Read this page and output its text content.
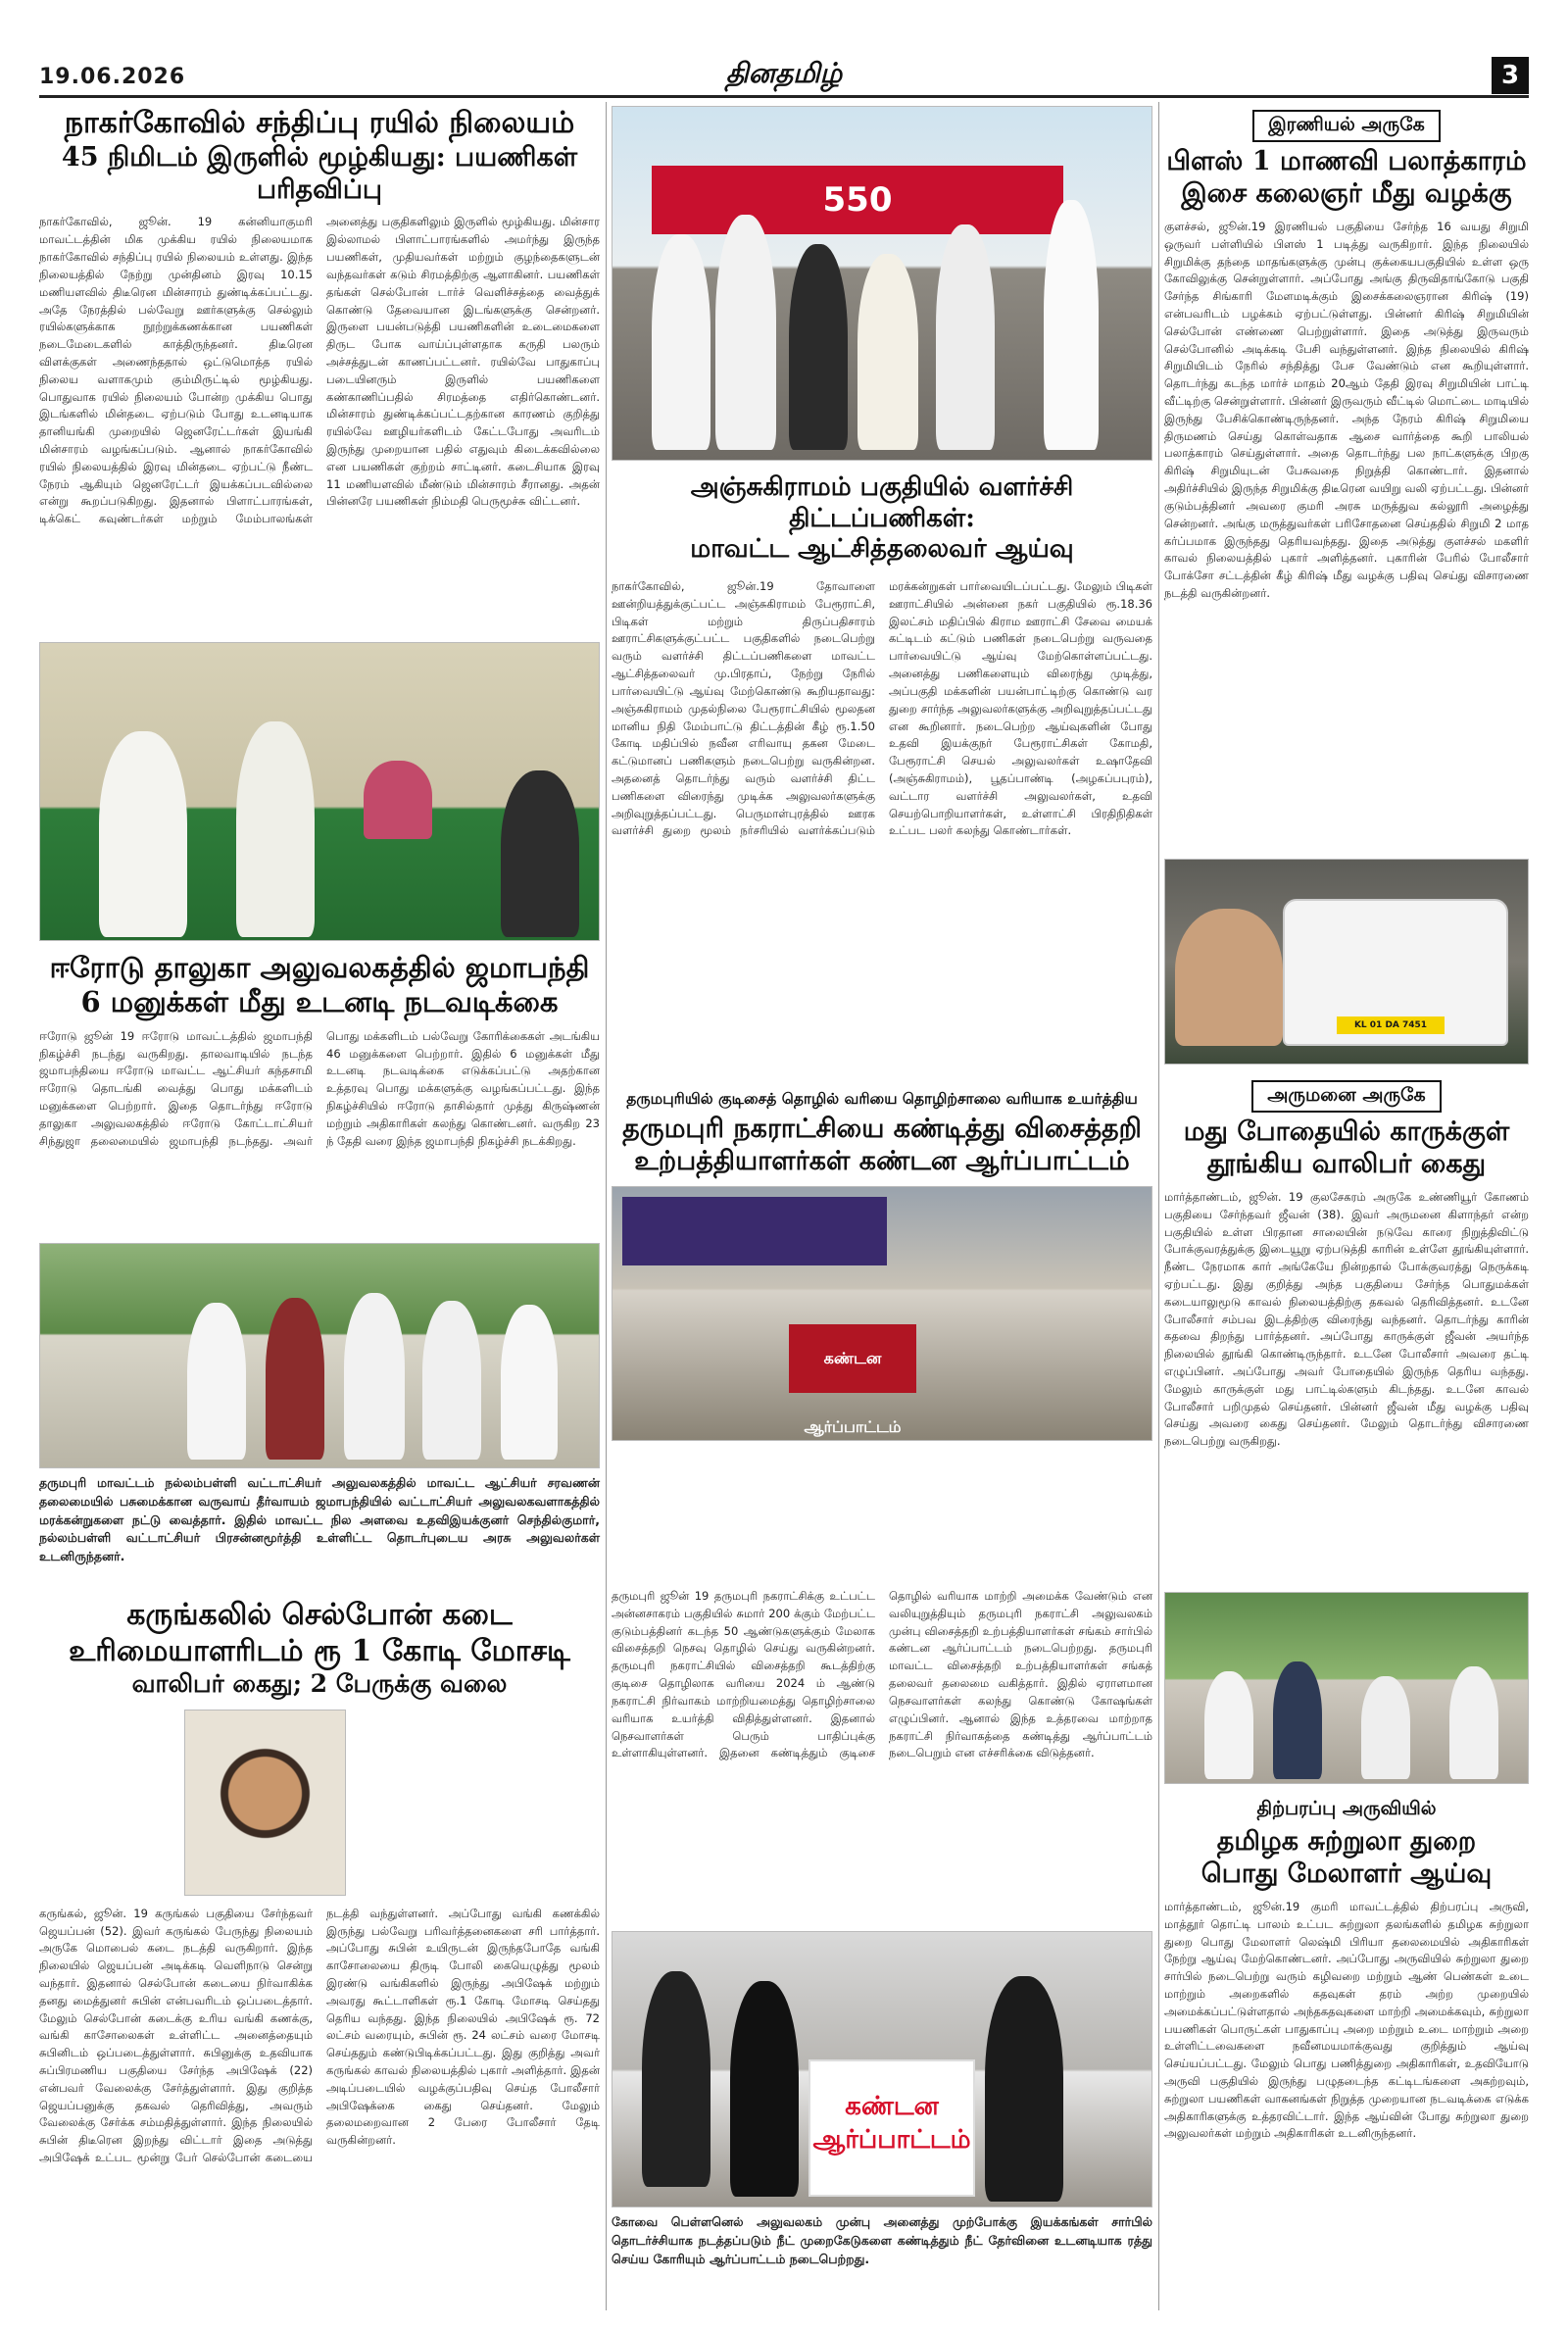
19.06.2026	தினதமிழ்	3
நாகர்கோவில் சந்திப்பு ரயில் நிலையம்
45 நிமிடம் இருளில் மூழ்கியது: பயணிகள் பரிதவிப்பு
நாகர்கோவில், ஜூன். 19 கன்னியாகுமரி மாவட்டத்தின் மிக முக்கிய ரயில் நிலையமாக நாகர்கோவில் சந்திப்பு ரயில் நிலையம் உள்ளது. இந்த நிலையத்தில் நேற்று முன்தினம் இரவு 10.15 மணியளவில் திடீரென மின்சாரம் துண்டிக்கப்பட்டது. அதே நேரத்தில் பல்வேறு ஊர்களுக்கு செல்லும் ரயில்களுக்காக நூற்றுக்கணக்கான பயணிகள் நடைமேடைகளில் காத்திருந்தனர். திடீரென விளக்குகள் அணைந்ததால் ஒட்டுமொத்த ரயில் நிலைய வளாகமும் கும்மிருட்டில் மூழ்கியது. பொதுவாக ரயில் நிலையம் போன்ற முக்கிய பொது இடங்களில் மின்தடை ஏற்படும் போது உடனடியாக தானியங்கி முறையில் ஜெனரேட்டர்கள் இயங்கி மின்சாரம் வழங்கப்படும். ஆனால் நாகர்கோவில் ரயில் நிலையத்தில் இரவு மின்தடை ஏற்பட்டு நீண்ட நேரம் ஆகியும் ஜெனரேட்டர் இயக்கப்படவில்லை என்று கூறப்படுகிறது. இதனால் பிளாட்பாரங்கள், டிக்கெட் கவுண்டர்கள் மற்றும் மேம்பாலங்கள் அனைத்து பகுதிகளிலும் இருளில் மூழ்கியது. மின்சார இல்லாமல் பிளாட்பாரங்களில் அமர்ந்து இருந்த பயணிகள், முதியவர்கள் மற்றும் குழந்தைகளுடன் வந்தவர்கள் கடும் சிரமத்திற்கு ஆளாகினர். பயணிகள் தங்கள் செல்போன் டார்ச் வெளிச்சத்தை வைத்துக் கொண்டு தேவையான இடங்களுக்கு சென்றனர். இருளை பயன்படுத்தி பயணிகளின் உடைமைகளை திருட போக வாய்ப்புள்ளதாக கருதி பலரும் அச்சத்துடன் காணப்பட்டனர். ரயில்வே பாதுகாப்பு படையினரும் இருளில் பயணிகளை கண்காணிப்பதில் சிரமத்தை எதிர்கொண்டனர். மின்சாரம் துண்டிக்கப்பட்டதற்கான காரணம் குறித்து ரயில்வே ஊழியர்களிடம் கேட்டபோது அவரிடம் இருந்து முறையான பதில் எதுவும் கிடைக்கவில்லை என பயணிகள் குற்றம் சாட்டினர். கடைசியாக இரவு 11 மணியளவில் மீண்டும் மின்சாரம் சீரானது. அதன் பின்னரே பயணிகள் நிம்மதி பெருமூச்சு விட்டனர்.
ஈரோடு தாலுகா அலுவலகத்தில் ஜமாபந்தி
6 மனுக்கள் மீது உடனடி நடவடிக்கை
ஈரோடு ஜூன் 19 ஈரோடு மாவட்டத்தில் ஜமாபந்தி நிகழ்ச்சி நடந்து வருகிறது. தாலவாடியில் நடந்த ஜமாபந்தியை ஈரோடு மாவட்ட ஆட்சியர் கந்தசாமி ஈரோடு தொடங்கி வைத்து பொது மக்களிடம் மனுக்களை பெற்றார். இதை தொடர்ந்து ஈரோடு தாலுகா அலுவலகத்தில் ஈரோடு கோட்டாட்சியர் சிந்துஜா தலைமையில் ஜமாபந்தி நடந்தது. அவர் பொது மக்களிடம் பல்வேறு கோரிக்கைகள் அடங்கிய 46 மனுக்களை பெற்றார். இதில் 6 மனுக்கள் மீது உடனடி நடவடிக்கை எடுக்கப்பட்டு அதற்கான உத்தரவு பொது மக்களுக்கு வழங்கப்பட்டது. இந்த நிகழ்ச்சியில் ஈரோடு தாசில்தார் முத்து கிருஷ்ணன் மற்றும் அதிகாரிகள் கலந்து கொண்டனர். வருகிற 23 ந் தேதி வரை இந்த ஜமாபந்தி நிகழ்ச்சி நடக்கிறது.

தருமபுரி மாவட்டம் நல்லம்பள்ளி வட்டாட்சியர் அலுவலகத்தில் மாவட்ட ஆட்சியர் சரவணன் தலைமையில் பசுமைக்கான வருவாய் தீர்வாயம் ஜமாபந்தியில் வட்டாட்சியர் அலுவலகவளாகத்தில் மரக்கன்றுகளை நட்டு வைத்தார். இதில் மாவட்ட நில அளவை உதவிஇயக்குனர் செந்தில்குமார், நல்லம்பள்ளி வட்டாட்சியர் பிரசன்னமூர்த்தி உள்ளிட்ட தொடர்புடைய அரசு அலுவலர்கள் உடனிருந்தனர்.

கருங்கலில் செல்போன் கடை
உரிமையாளரிடம் ரூ 1 கோடி மோசடி
வாலிபர் கைது; 2 பேருக்கு வலை
கருங்கல், ஜூன். 19 கருங்கல் பகுதியை சேர்ந்தவர் ஜெயப்பன் (52). இவர் கருங்கல் பேருந்து நிலையம் அருகே மொபைல் கடை நடத்தி வருகிறார். இந்த நிலையில் ஜெயப்பன் அடிக்கடி வெளிநாடு சென்று வந்தார். இதனால் செல்போன் கடையை நிர்வாகிக்க தனது மைத்துனர் சுபின் என்பவரிடம் ஒப்படைத்தார். மேலும் செல்போன் கடைக்கு உரிய வங்கி கணக்கு, வங்கி காசோலைகள் உள்ளிட்ட அனைத்தையும் சுபினிடம் ஒப்படைத்துள்ளார். சுபினுக்கு உதவியாக சுப்பிரமணிய பகுதியை சேர்ந்த அபிஷேக் (22) என்பவர் வேலைக்கு சேர்த்துள்ளார். இது குறித்த ஜெயப்பனுக்கு தகவல் தெரிவித்து, அவரும் வேலைக்கு சேர்க்க சம்மதித்துள்ளார். இந்த நிலையில் சுபின் திடீரென இறந்து விட்டார் இதை அடுத்து அபிஷேக் உட்பட மூன்று பேர் செல்போன் கடையை நடத்தி வந்துள்ளனர். அப்போது வங்கி கணக்கில் இருந்து பல்வேறு பரிவர்த்தனைகளை சரி பார்த்தார். அப்போது சுபின் உயிருடன் இருந்தபோதே வங்கி காசோலையை திருடி போலி கையெழுத்து மூலம் இரண்டு வங்கிகளில் இருந்து அபிஷேக் மற்றும் அவரது கூட்டாளிகள் ரூ.1 கோடி மோசடி செய்தது தெரிய வந்தது. இந்த நிலையில் அபிஷேக் ரூ. 72 லட்சம் வரையும், சுபின் ரூ. 24 லட்சம் வரை மோசடி செய்ததும் கண்டுபிடிக்கப்பட்டது. இது குறித்து அவர் கருங்கல் காவல் நிலையத்தில் புகார் அளித்தார். இதன் அடிப்படையில் வழக்குப்பதிவு செய்த போலீசார் அபிஷேக்கை கைது செய்தனர். மேலும் தலைமறைவான 2 பேரை போலீசார் தேடி வருகின்றனர்.
550
அஞ்சுகிராமம் பகுதியில் வளர்ச்சி திட்டப்பணிகள்:
மாவட்ட ஆட்சித்தலைவர் ஆய்வு
நாகர்கோவில், ஜூன்.19 தோவாளை ஊன்றியத்துக்குட்பட்ட அஞ்சுகிராமம் பேரூராட்சி, பிடிகள் மற்றும் திருப்பதிசாரம் ஊராட்சிகளுக்குட்பட்ட பகுதிகளில் நடைபெற்று வரும் வளர்ச்சி திட்டப்பணிகளை மாவட்ட ஆட்சித்தலைவர் மு.பிரதாப், நேற்று நேரில் பார்வையிட்டு ஆய்வு மேற்கொண்டு கூறியதாவது: அஞ்சுகிராமம் முதல்நிலை பேரூராட்சியில் மூலதன மானிய நிதி மேம்பாட்டு திட்டத்தின் கீழ் ரூ.1.50 கோடி மதிப்பில் நவீன எரிவாயு தகன மேடை கட்டுமானப் பணிகளும் நடைபெற்று வருகின்றன. அதனைத் தொடர்ந்து வரும் வளர்ச்சி திட்ட பணிகளை விரைந்து முடிக்க அலுவலர்களுக்கு அறிவுறுத்தப்பட்டது. பெருமாள்புரத்தில் ஊரக வளர்ச்சி துறை மூலம் நர்சரியில் வளர்க்கப்படும் மரக்கன்றுகள் பார்வையிடப்பட்டது. மேலும் பிடிகள் ஊராட்சியில் அன்னை நகர் பகுதியில் ரூ.18.36 இலட்சம் மதிப்பில் கிராம ஊராட்சி சேவை மையக் கட்டிடம் கட்டும் பணிகள் நடைபெற்று வருவதை பார்வையிட்டு ஆய்வு மேற்கொள்ளப்பட்டது. அனைத்து பணிகளையும் விரைந்து முடித்து, அப்பகுதி மக்களின் பயன்பாட்டிற்கு கொண்டு வர துறை சார்ந்த அலுவலர்களுக்கு அறிவுறுத்தப்பட்டது என கூறினார். நடைபெற்ற ஆய்வுகளின் போது உதவி இயக்குநர் பேரூராட்சிகள் கோமதி, பேரூராட்சி செயல் அலுவலர்கள் உஷாதேவி (அஞ்சுகிராமம்), பூதப்பாண்டி (அழகப்பபுரம்), வட்டார வளர்ச்சி அலுவலர்கள், உதவி செயற்பொறியாளர்கள், உள்ளாட்சி பிரதிநிதிகள் உட்பட பலர் கலந்து கொண்டார்கள்.
தருமபுரியில் குடிசைத் தொழில் வரியை தொழிற்சாலை வரியாக உயர்த்திய
தருமபுரி நகராட்சியை கண்டித்து விசைத்தறி
உற்பத்தியாளர்கள் கண்டன ஆர்ப்பாட்டம்
கண்டன ஆர்ப்பாட்டம்
தருமபுரி ஜூன் 19 தருமபுரி நகராட்சிக்கு உட்பட்ட அன்னசாகரம் பகுதியில் சுமார் 200 க்கும் மேற்பட்ட குடும்பத்தினர் கடந்த 50 ஆண்டுகளுக்கும் மேலாக விசைத்தறி நெசவு தொழில் செய்து வருகின்றனர். தருமபுரி நகராட்சியில் விசைத்தறி கூடத்திற்கு குடிசை தொழிலாக வரியை 2024 ம் ஆண்டு நகராட்சி நிர்வாகம் மாற்றியமைத்து தொழிற்சாலை வரியாக உயர்த்தி விதித்துள்ளனர். இதனால் நெசவாளர்கள் பெரும் பாதிப்புக்கு உள்ளாகியுள்ளனர். இதனை கண்டித்தும் குடிசை தொழில் வரியாக மாற்றி அமைக்க வேண்டும் என வலியுறுத்தியும் தருமபுரி நகராட்சி அலுவலகம் முன்பு விசைத்தறி உற்பத்தியாளர்கள் சங்கம் சார்பில் கண்டன ஆர்ப்பாட்டம் நடைபெற்றது. தருமபுரி மாவட்ட விசைத்தறி உற்பத்தியாளர்கள் சங்கத் தலைவர் தலைமை வகித்தார். இதில் ஏராளமான நெசவாளர்கள் கலந்து கொண்டு கோஷங்கள் எழுப்பினர். ஆனால் இந்த உத்தரவை மாற்றாத நகராட்சி நிர்வாகத்தை கண்டித்து ஆர்ப்பாட்டம் நடைபெறும் என எச்சரிக்கை விடுத்தனர்.
கண்டன ஆர்ப்பாட்டம்

கோவை பெள்ளனெல் அலுவலகம் முன்பு அனைத்து முற்போக்கு இயக்கங்கள் சார்பில் தொடர்ச்சியாக நடத்தப்படும் நீட் முறைகேடுகளை கண்டித்தும் நீட் தேர்வினை உடனடியாக ரத்து செய்ய கோரியும் ஆர்ப்பாட்டம் நடைபெற்றது.

இரணியல் அருகே
பிளஸ் 1 மாணவி பலாத்காரம்
இசை கலைஞர் மீது வழக்கு
குளச்சல், ஜூன்.19 இரணியல் பகுதியை சேர்ந்த 16 வயது சிறுமி ஒருவர் பள்ளியில் பிளஸ் 1 படித்து வருகிறார். இந்த நிலையில் சிறுமிக்கு தந்தை மாதங்களுக்கு முன்பு குக்கையபகுதியில் உள்ள ஒரு கோவிலுக்கு சென்றுள்ளார். அப்போது அங்கு திருவிதாங்கோடு பகுதி சேர்ந்த சிங்காரி மேளமடிக்கும் இசைக்கலைஞரான கிரிஷ் (19) என்பவரிடம் பழக்கம் ஏற்பட்டுள்ளது. பின்னர் கிரிஷ் சிறுமியின் செல்போன் எண்ணை பெற்றுள்ளார். இதை அடுத்து இருவரும் செல்போனில் அடிக்கடி பேசி வந்துள்ளனர். இந்த நிலையில் கிரிஷ் சிறுமியிடம் நேரில் சந்தித்து பேச வேண்டும் என கூறியுள்ளார். தொடர்ந்து கடந்த மார்ச் மாதம் 20ஆம் தேதி இரவு சிறுமியின் பாட்டி வீட்டிற்கு சென்றுள்ளார். பின்னர் இருவரும் வீட்டில் மொட்டை மாடியில் இருந்து பேசிக்கொண்டிருந்தனர். அந்த நேரம் கிரிஷ் சிறுமியை திருமணம் செய்து கொள்வதாக ஆசை வார்த்தை கூறி பாலியல் பலாத்காரம் செய்துள்ளார். அதை தொடர்ந்து பல நாட்களுக்கு பிறகு கிரிஷ் சிறுமியுடன் பேசுவதை நிறுத்தி கொண்டார். இதனால் அதிர்ச்சியில் இருந்த சிறுமிக்கு திடீரென வயிறு வலி ஏற்பட்டது. பின்னர் குடும்பத்தினர் அவரை குமரி அரசு மருத்துவ கல்லூரி அழைத்து சென்றனர். அங்கு மருத்துவர்கள் பரிசோதனை செய்ததில் சிறுமி 2 மாத கர்ப்பமாக இருந்தது தெரியவந்தது. இதை அடுத்து குளச்சல் மகளிர் காவல் நிலையத்தில் புகார் அளித்தனர். புகாரின் பேரில் போலீசார் போக்சோ சட்டத்தின் கீழ் கிரிஷ் மீது வழக்கு பதிவு செய்து விசாரணை நடத்தி வருகின்றனர்.
KL 01 DA 7451
அருமனை அருகே
மது போதையில் காருக்குள்
தூங்கிய வாலிபர் கைது
மார்த்தாண்டம், ஜூன். 19 குலசேகரம் அருகே உண்ணியூர் கோணம் பகுதியை சேர்ந்தவர் ஜீவன் (38). இவர் அருமனை கிளாந்தர் என்ற பகுதியில் உள்ள பிரதான சாலையின் நடுவே காரை நிறுத்திவிட்டு போக்குவரத்துக்கு இடையூறு ஏற்படுத்தி காரின் உள்ளே தூங்கியுள்ளார். நீண்ட நேரமாக கார் அங்கேயே நின்றதால் போக்குவரத்து நெருக்கடி ஏற்பட்டது. இது குறித்து அந்த பகுதியை சேர்ந்த பொதுமக்கள் கடையாலுமூடு காவல் நிலையத்திற்கு தகவல் தெரிவித்தனர். உடனே போலீசார் சம்பவ இடத்திற்கு விரைந்து வந்தனர். தொடர்ந்து காரின் கதவை திறந்து பார்த்தனர். அப்போது காருக்குள் ஜீவன் அயர்ந்த நிலையில் தூங்கி கொண்டிருந்தார். உடனே போலீசார் அவரை தட்டி எழுப்பினர். அப்போது அவர் போதையில் இருந்த தெரிய வந்தது. மேலும் காருக்குள் மது பாட்டில்களும் கிடந்தது. உடனே காவல் போலீசார் பறிமுதல் செய்தனர். பின்னர் ஜீவன் மீது வழக்கு பதிவு செய்து அவரை கைது செய்தனர். மேலும் தொடர்ந்து விசாரணை நடைபெற்று வருகிறது.
திற்பரப்பு அருவியில்
தமிழக சுற்றுலா துறை
பொது மேலாளர் ஆய்வு
மார்த்தாண்டம், ஜூன்.19 குமரி மாவட்டத்தில் திற்பரப்பு அருவி, மாத்தூர் தொட்டி பாலம் உட்பட சுற்றுலா தலங்களில் தமிழக சுற்றுலா துறை பொது மேலாளர் லெஷ்மி பிரியா தலைமையில் அதிகாரிகள் நேற்று ஆய்வு மேற்கொண்டனர். அப்போது அருவியில் சுற்றுலா துறை சார்பில் நடைபெற்று வரும் கழிவறை மற்றும் ஆண் பெண்கள் உடை மாற்றும் அறைகளில் கதவுகள் தரம் அற்ற முறையில் அமைக்கப்பட்டுள்ளதால் அந்தகதவுகளை மாற்றி அமைக்கவும், சுற்றுலா பயணிகள் பொருட்கள் பாதுகாப்பு அறை மற்றும் உடை மாற்றும் அறை உள்ளிட்டவைகளை நவீனமயமாக்குவது குறித்தும் ஆய்வு செய்யப்பட்டது. மேலும் பொது பணித்துறை அதிகாரிகள், உதவியோடு அருவி பகுதியில் இருந்து பழுதடைந்த கட்டிடங்களை அகற்றவும், சுற்றுலா பயணிகள் வாகனங்கள் நிறுத்த முறையான நடவடிக்கை எடுக்க அதிகாரிகளுக்கு உத்தரவிட்டார். இந்த ஆய்வின் போது சுற்றுலா துறை அலுவலர்கள் மற்றும் அதிகாரிகள் உடனிருந்தனர்.
